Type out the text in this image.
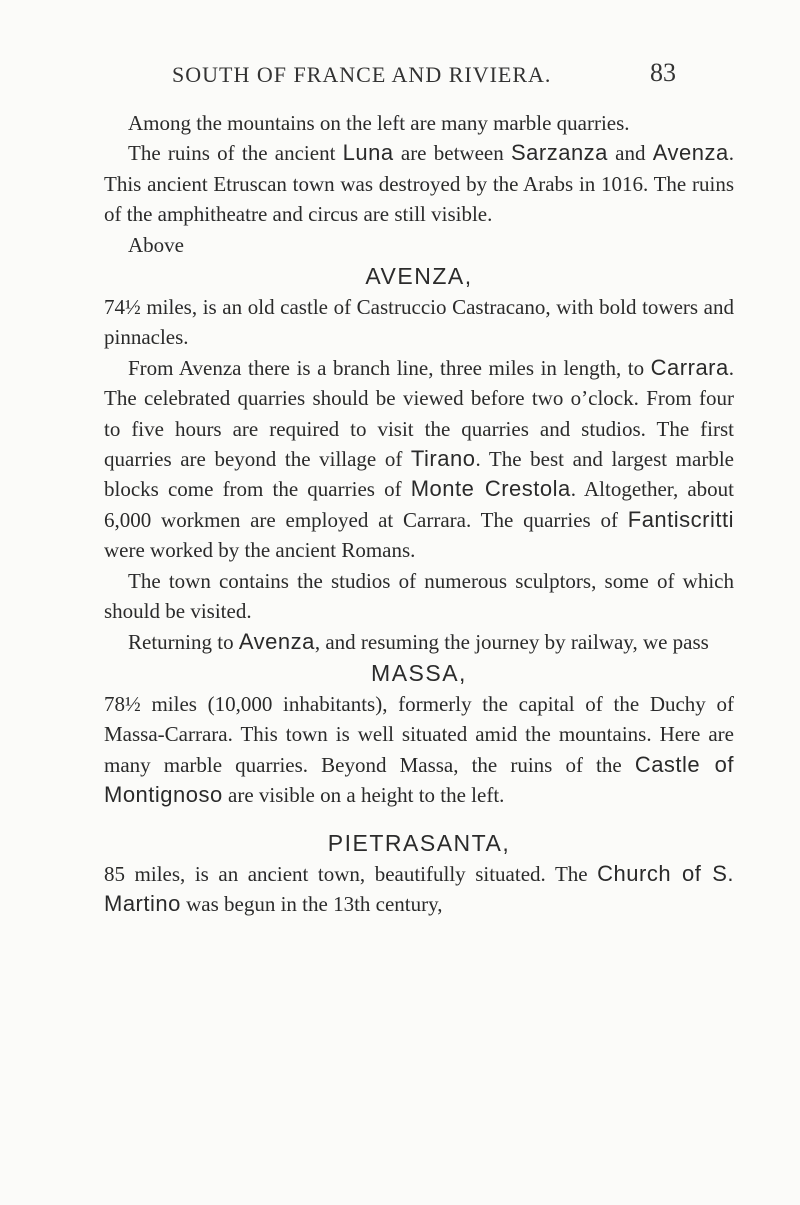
SOUTH OF FRANCE AND RIVIERA.	83

Among the mountains on the left are many marble quarries.

The ruins of the ancient Luna are between Sarzanza and Avenza. This ancient Etruscan town was destroyed by the Arabs in 1016. The ruins of the amphitheatre and circus are still visible.

Above

AVENZA,

74½ miles, is an old castle of Castruccio Castracano, with bold towers and pinnacles.

From Avenza there is a branch line, three miles in length, to Carrara. The celebrated quarries should be viewed before two o’clock. From four to five hours are required to visit the quarries and studios. The first quarries are beyond the village of Tirano. The best and largest marble blocks come from the quarries of Monte Crestola. Altogether, about 6,000 workmen are employed at Carrara. The quarries of Fantiscritti were worked by the ancient Romans.

The town contains the studios of numerous sculptors, some of which should be visited.

Returning to Avenza, and resuming the journey by railway, we pass

MASSA,

78½ miles (10,000 inhabitants), formerly the capital of the Duchy of Massa-Carrara. This town is well situated amid the mountains. Here are many marble quarries. Beyond Massa, the ruins of the Castle of Montignoso are visible on a height to the left.

PIETRASANTA,

85 miles, is an ancient town, beautifully situated. The Church of S. Martino was begun in the 13th century,
